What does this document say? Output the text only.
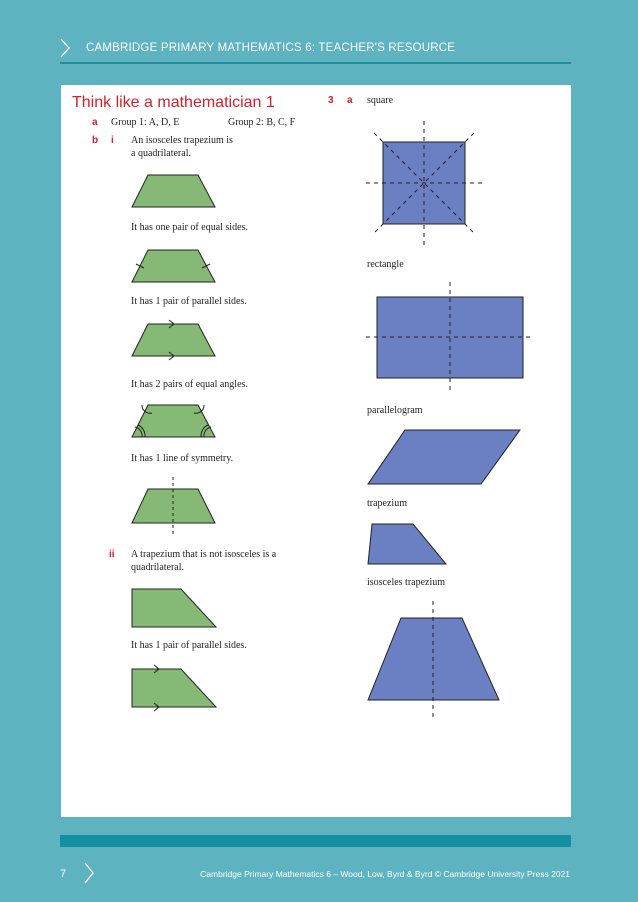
CAMBRIDGE PRIMARY MATHEMATICS 6: TEACHER'S RESOURCE
Think like a mathematician 1
a Group 1: A, D, E	Group 2: B, C, F
b i An isosceles trapezium is
a quadrilateral.
It has one pair of equal sides.
It has 1 pair of parallel sides.
It has 2 pairs of equal angles.
It has 1 line of symmetry.
ii A trapezium that is not isosceles is a
quadrilateral.
It has 1 pair of parallel sides.
3 a square
rectangle
parallelogram
trapezium
isosceles trapezium
7	Cambridge Primary Mathematics 6 – Wood, Low, Byrd & Byrd © Cambridge University Press 2021
